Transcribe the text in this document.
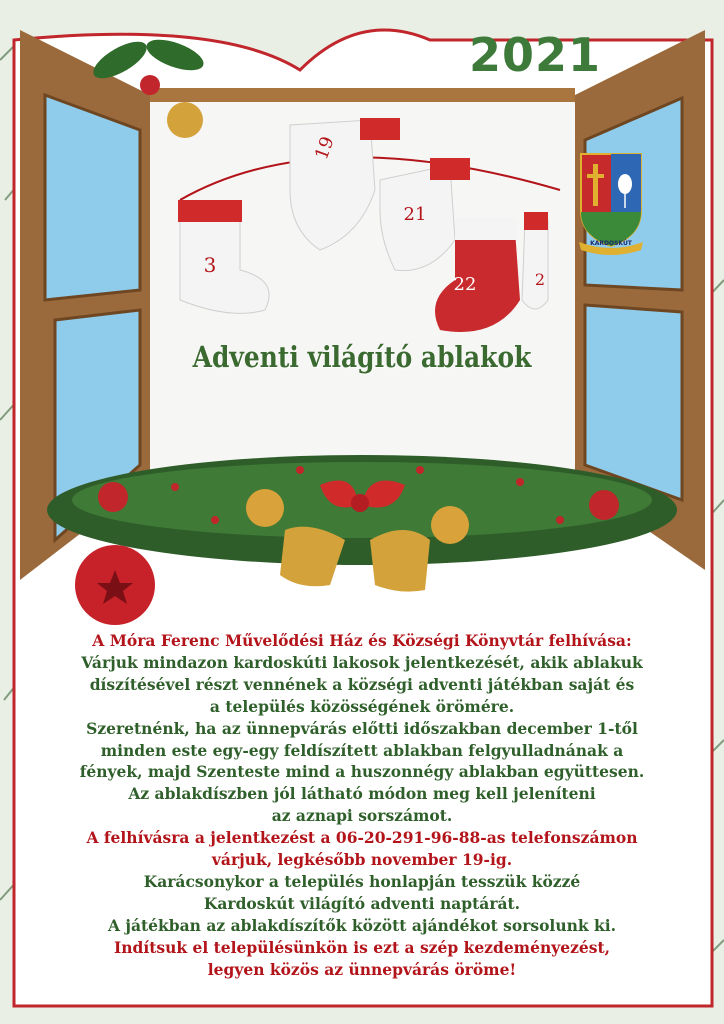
KARDOSKÚT
3
19
21
22	2
2021
Adventi világító ablakok
A Móra Ferenc Művelődési Ház és Községi Könyvtár felhívása:
Várjuk mindazon kardoskúti lakosok jelentkezését, akik ablakuk
díszítésével részt vennének a községi adventi játékban saját és
a település közösségének örömére.
Szeretnénk, ha az ünnepvárás előtti időszakban december 1-től
minden este egy-egy feldíszített ablakban felgyulladnának a
fények, majd Szenteste mind a huszonnégy ablakban együttesen.
Az ablakdíszben jól látható módon meg kell jeleníteni
az aznapi sorszámot.
A felhívásra a jelentkezést a 06-20-291-96-88-as telefonszámon
várjuk, legkésőbb november 19-ig.
Karácsonykor a település honlapján tesszük közzé
Kardoskút világító adventi naptárát.
A játékban az ablakdíszítők között ajándékot sorsolunk ki.
Indítsuk el településünkön is ezt a szép kezdeményezést,
legyen közös az ünnepvárás öröme!
